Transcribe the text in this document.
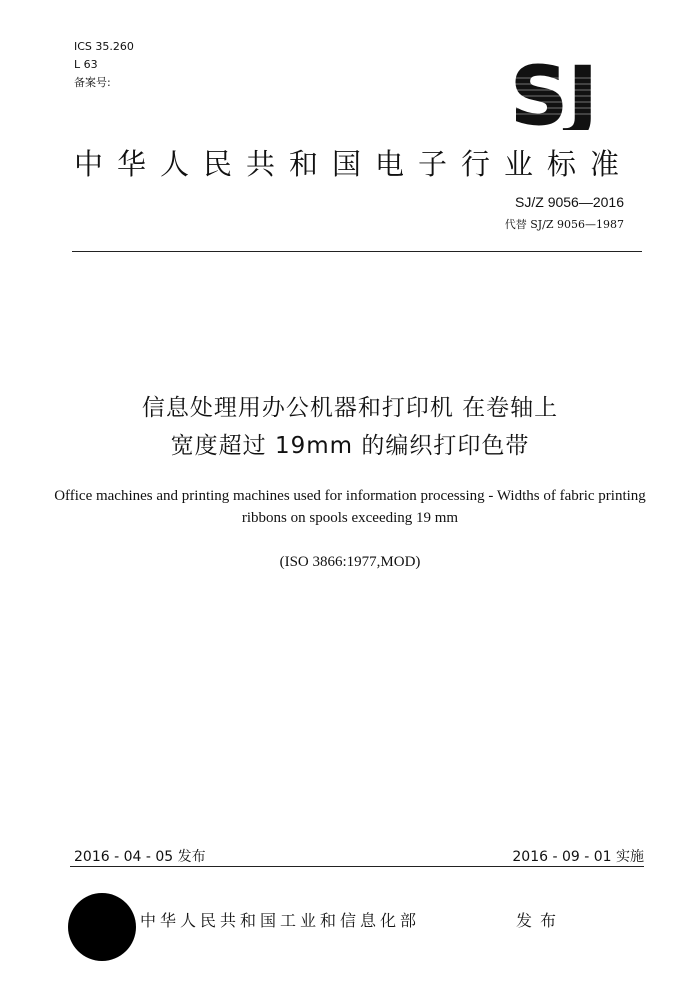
ICS 35.260
L 63
备案号:	SJ
中华人民共和国电子行业标准
SJ/Z 9056—2016
代替 SJ/Z 9056—1987
信息处理用办公机器和打印机 在卷轴上
宽度超过 19mm 的编织打印色带
Office machines and printing machines used for information processing - Widths of fabric printing ribbons on spools exceeding 19 mm
(ISO 3866:1977,MOD)
2016 - 04 - 05 发布	2016 - 09 - 01 实施
中华人民共和国工业和信息化部	发布
